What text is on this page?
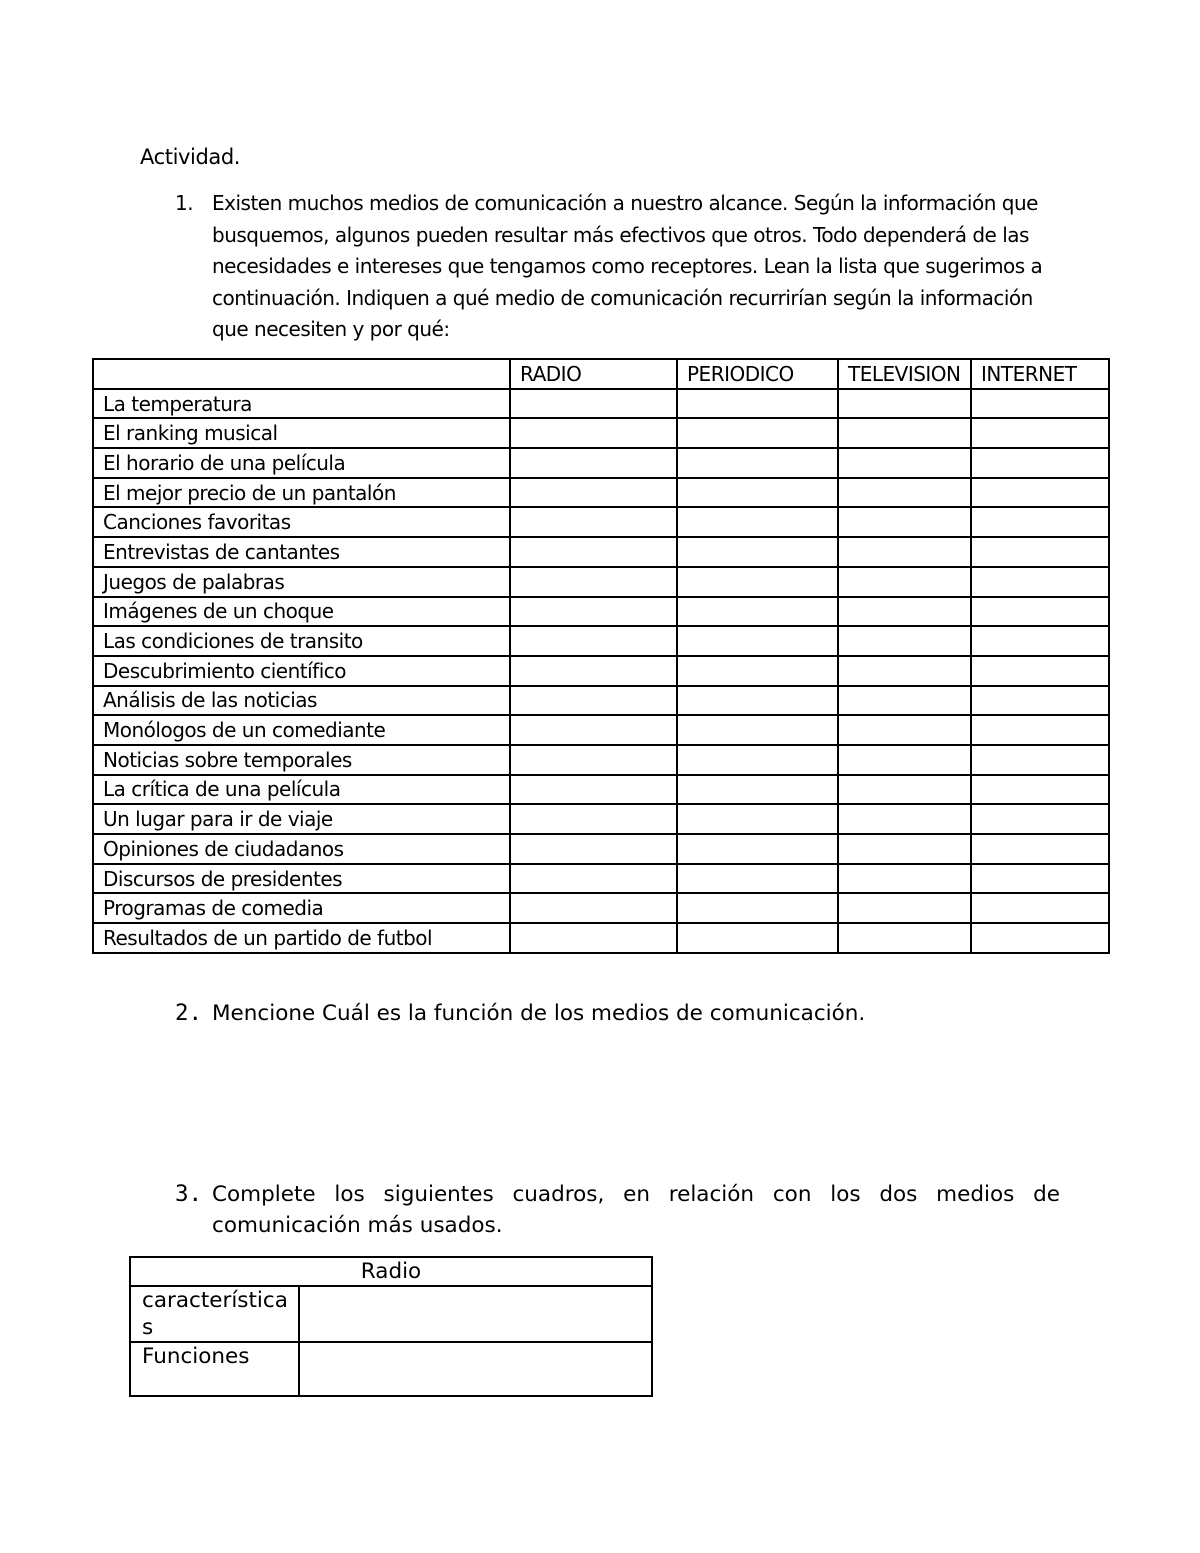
Actividad.
1. Existen muchos medios de comunicación a nuestro alcance. Según la información que
busquemos, algunos pueden resultar más efectivos que otros. Todo dependerá de las
necesidades e intereses que tengamos como receptores. Lean la lista que sugerimos a
continuación. Indiquen a qué medio de comunicación recurrirían según la información
que necesiten y por qué:
	RADIO	PERIODICO	TELEVISION	INTERNET
La temperatura				
El ranking musical				
El horario de una película				
El mejor precio de un pantalón				
Canciones favoritas				
Entrevistas de cantantes				
Juegos de palabras				
Imágenes de un choque				
Las condiciones de transito				
Descubrimiento científico				
Análisis de las noticias				
Monólogos de un comediante				
Noticias sobre temporales				
La crítica de una película				
Un lugar para ir de viaje				
Opiniones de ciudadanos				
Discursos de presidentes				
Programas de comedia				
Resultados de un partido de futbol				
2. Mencione Cuál es la función de los medios de comunicación.
3. Complete los siguientes cuadros, en relación con los dos medios de
comunicación más usados.
Radio	
características	
Funciones	
